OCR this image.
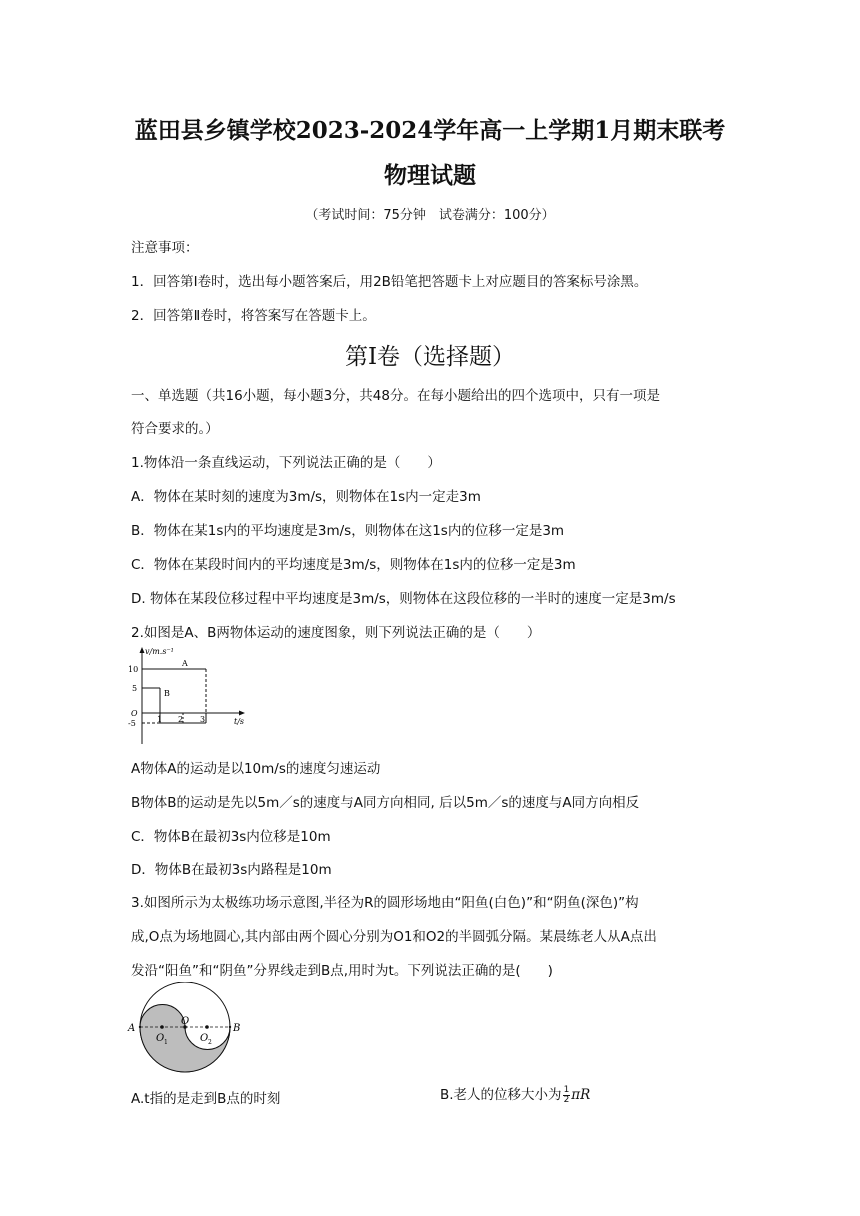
蓝田县乡镇学校2023-2024学年高一上学期1月期末联考
物理试题
（考试时间：75分钟　试卷满分：100分）
注意事项：
1．回答第Ⅰ卷时，选出每小题答案后，用2B铅笔把答题卡上对应题目的答案标号涂黑。
2．回答第Ⅱ卷时，将答案写在答题卡上。
第Ⅰ卷（选择题）
一、单选题（共16小题，每小题3分，共48分。在每小题给出的四个选项中，只有一项是
符合要求的。）
1.物体沿一条直线运动，下列说法正确的是（　　）
A．物体在某时刻的速度为3m/s，则物体在1s内一定走3m
B．物体在某1s内的平均速度是3m/s，则物体在这1s内的位移一定是3m
C．物体在某段时间内的平均速度是3m/s，则物体在1s内的位移一定是3m
D. 物体在某段位移过程中平均速度是3m/s，则物体在这段位移的一半时的速度一定是3m/s
2.如图是A、B两物体运动的速度图象，则下列说法正确的是（　　）
v/m.s⁻¹
t/s
10
5
O
-5	1 2 3
A
B
A物体A的运动是以10m/s的速度匀速运动
B物体B的运动是先以5m／s的速度与A同方向相同, 后以5m／s的速度与A同方向相反
C．物体B在最初3s内位移是10m
D．物体B在最初3s内路程是10m
3.如图所示为太极练功场示意图,半径为R的圆形场地由“阳鱼(白色)”和“阴鱼(深色)”构
成,O点为场地圆心,其内部由两个圆心分别为O1和O2的半圆弧分隔。某晨练老人从A点出
发沿“阳鱼”和“阴鱼”分界线走到B点,用时为t。下列说法正确的是(　　)
A	B
O
O 1	O 2
A.t指的是走到B点的时刻	B.老人的位移大小为 $\frac{1}{2}$ πR
